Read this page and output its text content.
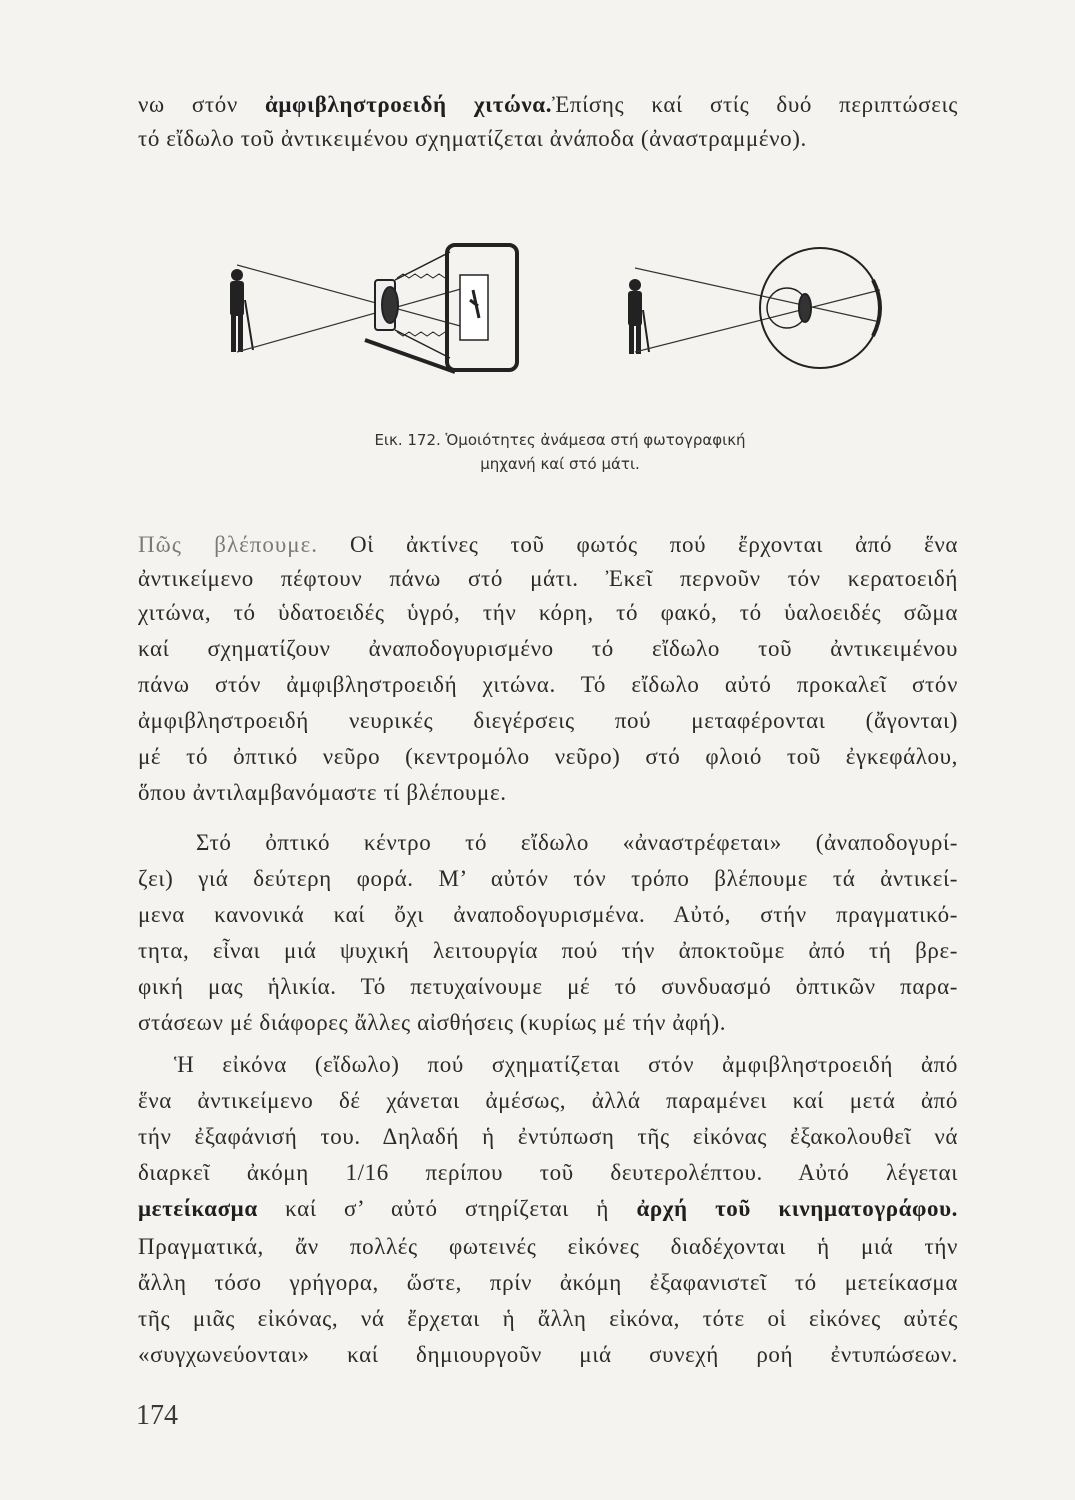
νω στόν ἀμφιβληστροειδή χιτώνα.Ἐπίσης καί στίς δυό περιπτώσεις
τό εἴδωλο τοῦ ἀντικειμένου σχηματίζεται ἀνάποδα (ἀναστραμμένο).
Εικ. 172. Ὁμοιότητες ἀνάμεσα στή φωτογραφική
μηχανή καί στό μάτι.
Πῶς βλέπουμε. Οἱ ἀκτίνες τοῦ φωτός πού ἔρχονται ἀπό ἕνα
ἀντικείμενο πέφτουν πάνω στό μάτι. Ἐκεῖ περνοῦν τόν κερατοειδή
χιτώνα, τό ὑδατοειδές ὑγρό, τήν κόρη, τό φακό, τό ὑαλοειδές σῶμα
καί σχηματίζουν ἀναποδογυρισμένο τό εἴδωλο τοῦ ἀντικειμένου
πάνω στόν ἀμφιβληστροειδή χιτώνα. Τό εἴδωλο αὐτό προκαλεῖ στόν
ἀμφιβληστροειδή νευρικές διεγέρσεις πού μεταφέρονται (ἄγονται)
μέ τό ὀπτικό νεῦρο (κεντρομόλο νεῦρο) στό φλοιό τοῦ ἐγκεφάλου,
ὅπου ἀντιλαμβανόμαστε τί βλέπουμε.
Στό ὀπτικό κέντρο τό εἴδωλο «ἀναστρέφεται» (ἀναποδογυρί-
ζει) γιά δεύτερη φορά. Μ’ αὐτόν τόν τρόπο βλέπουμε τά ἀντικεί-
μενα κανονικά καί ὄχι ἀναποδογυρισμένα. Αὐτό, στήν πραγματικό-
τητα, εἶναι μιά ψυχική λειτουργία πού τήν ἀποκτοῦμε ἀπό τή βρε-
φική μας ἡλικία. Τό πετυχαίνουμε μέ τό συνδυασμό ὀπτικῶν παρα-
στάσεων μέ διάφορες ἄλλες αἰσθήσεις (κυρίως μέ τήν ἀφή).
Ἡ εἰκόνα (εἴδωλο) πού σχηματίζεται στόν ἀμφιβληστροειδή ἀπό
ἕνα ἀντικείμενο δέ χάνεται ἀμέσως, ἀλλά παραμένει καί μετά ἀπό
τήν ἐξαφάνισή του. Δηλαδή ἡ ἐντύπωση τῆς εἰκόνας ἐξακολουθεῖ νά
διαρκεῖ ἀκόμη 1/16 περίπου τοῦ δευτερολέπτου. Αὐτό λέγεται
μετείκασμα καί σ’ αὐτό στηρίζεται ἡ ἀρχή τοῦ κινηματογράφου.
Πραγματικά, ἄν πολλές φωτεινές εἰκόνες διαδέχονται ἡ μιά τήν
ἄλλη τόσο γρήγορα, ὥστε, πρίν ἀκόμη ἐξαφανιστεῖ τό μετείκασμα
τῆς μιᾶς εἰκόνας, νά ἔρχεται ἡ ἄλλη εἰκόνα, τότε οἱ εἰκόνες αὐτές
«συγχωνεύονται» καί δημιουργοῦν μιά συνεχή ροή ἐντυπώσεων.
174
